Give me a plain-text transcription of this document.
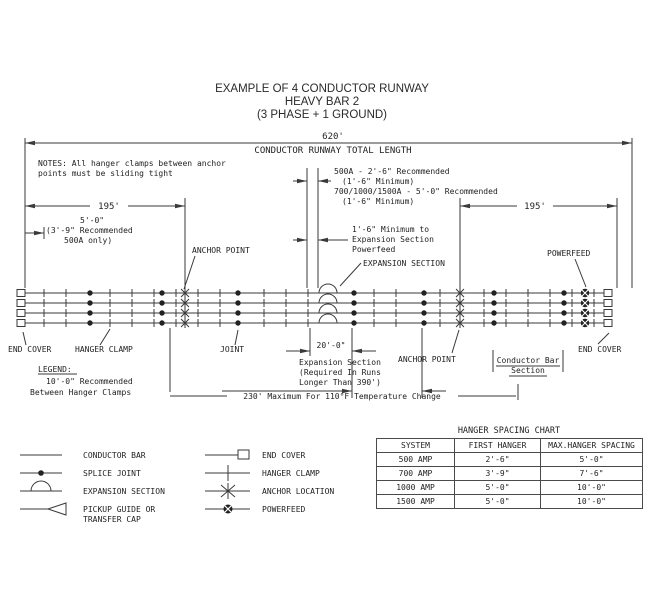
EXAMPLE OF 4 CONDUCTOR RUNWAY
HEAVY BAR 2
(3 PHASE + 1 GROUND)
620'
CONDUCTOR RUNWAY TOTAL LENGTH
NOTES: All hanger clamps between anchor
points must be sliding tight
195'	195'
5'-0"
(3'-9" Recommended
500A only)
500A - 2'-6" Recommended
(1'-6" Minimum)
700/1000/1500A - 5'-0" Recommended
(1'-6" Minimum)
1'-6" Minimum to
Expansion Section
Powerfeed
ANCHOR POINT
EXPANSION SECTION
POWERFEED
END COVER	HANGER CLAMP	JOINT	20'-0"
Expansion Section
(Required In Runs
Longer Than 390')
ANCHOR POINT	Conductor Bar
Section
END COVER
LEGEND:
10'-0" Recommended
Between Hanger Clamps	230' Maximum For 110°F Temperature Change
CONDUCTOR BAR
SPLICE JOINT
EXPANSION SECTION
PICKUP GUIDE OR
TRANSFER CAP
END COVER
HANGER CLAMP
ANCHOR LOCATION
POWERFEED
HANGER SPACING CHART
SYSTEM	FIRST HANGER	MAX.HANGER SPACING
500 AMP	2'-6"	5'-0"
700 AMP	3'-9"	7'-6"
1000 AMP	5'-0"	10'-0"
1500 AMP	5'-0"	10'-0"
